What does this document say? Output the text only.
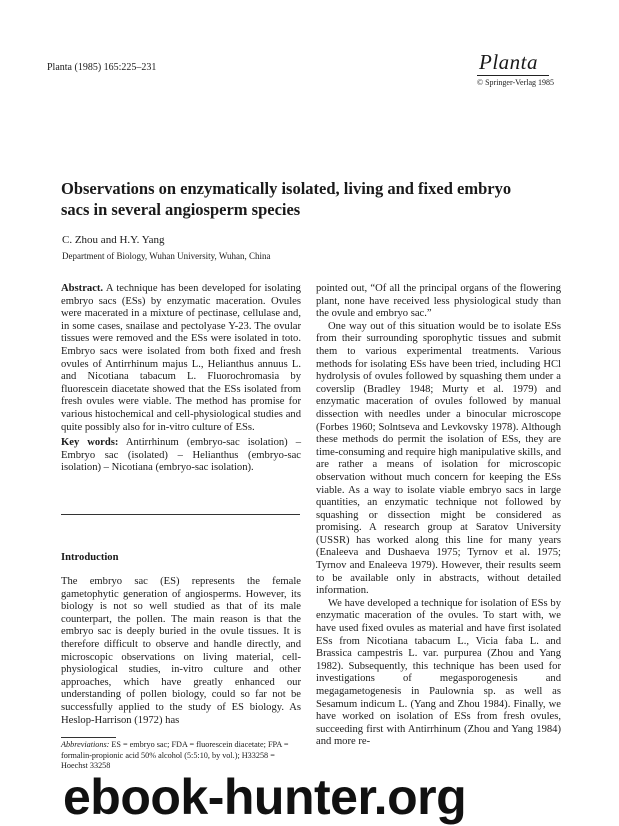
Planta (1985) 165:225–231	Planta
© Springer-Verlag 1985
Observations on enzymatically isolated, living and fixed embryo sacs in several angiosperm species
C. Zhou and H.Y. Yang
Department of Biology, Wuhan University, Wuhan, China
Abstract. A technique has been developed for isolating embryo sacs (ESs) by enzymatic maceration. Ovules were macerated in a mixture of pectinase, cellulase and, in some cases, snailase and pectolyase Y-23. The ovular tissues were removed and the ESs were isolated in toto. Embryo sacs were isolated from both fixed and fresh ovules of Antirrhinum majus L., Helianthus annuus L. and Nicotiana tabacum L. Fluorochromasia by fluorescein diacetate showed that the ESs isolated from fresh ovules were viable. The method has promise for various histochemical and cell-physiological studies and quite possibly also for in-vitro culture of ESs.
Key words: Antirrhinum (embryo-sac isolation) – Embryo sac (isolated) – Helianthus (embryo-sac isolation) – Nicotiana (embryo-sac isolation).
Introduction
The embryo sac (ES) represents the female gametophytic generation of angiosperms. However, its biology is not so well studied as that of its male counterpart, the pollen. The main reason is that the embryo sac is deeply buried in the ovule tissues. It is therefore difficult to observe and handle directly, and microscopic observations on living material, cell-physiological studies, in-vitro culture and other approaches, which have greatly enhanced our understanding of pollen biology, could so far not be successfully applied to the study of ES biology. As Heslop-Harrison (1972) has
Abbreviations: ES = embryo sac; FDA = fluorescein diacetate; FPA = formalin-propionic acid 50% alcohol (5:5:10, by vol.); H33258 = Hoechst 33258

pointed out, “Of all the principal organs of the flowering plant, none have received less physiological study than the ovule and embryo sac.”

One way out of this situation would be to isolate ESs from their surrounding sporophytic tissues and submit them to various experimental treatments. Various methods for isolating ESs have been tried, including HCl hydrolysis of ovules followed by squashing them under a coverslip (Bradley 1948; Murty et al. 1979) and enzymatic maceration of ovules followed by manual dissection with needles under a binocular microscope (Forbes 1960; Solntseva and Levkovsky 1978). Although these methods do permit the isolation of ESs, they are time-consuming and require high manipulative skills, and are rather a means of isolation for microscopic observation without much concern for keeping the ESs viable. As a way to isolate viable embryo sacs in large quantities, an enzymatic technique not followed by squashing or dissection might be considered as promising. A research group at Saratov University (USSR) has worked along this line for many years (Enaleeva and Dushaeva 1975; Tyrnov et al. 1975; Tyrnov and Enaleeva 1979). However, their results seem to be available only in abstracts, without detailed information.

We have developed a technique for isolation of ESs by enzymatic maceration of the ovules. To start with, we have used fixed ovules as material and have first isolated ESs from Nicotiana tabacum L., Vicia faba L. and Brassica campestris L. var. purpurea (Zhou and Yang 1982). Subsequently, this technique has been used for investigations of megasporogenesis and megagametogenesis in Paulownia sp. as well as Sesamum indicum L. (Yang and Zhou 1984). Finally, we have worked on isolation of ESs from fresh ovules, succeeding first with Antirrhinum (Zhou and Yang 1984) and more re-

ebook-hunter.org
